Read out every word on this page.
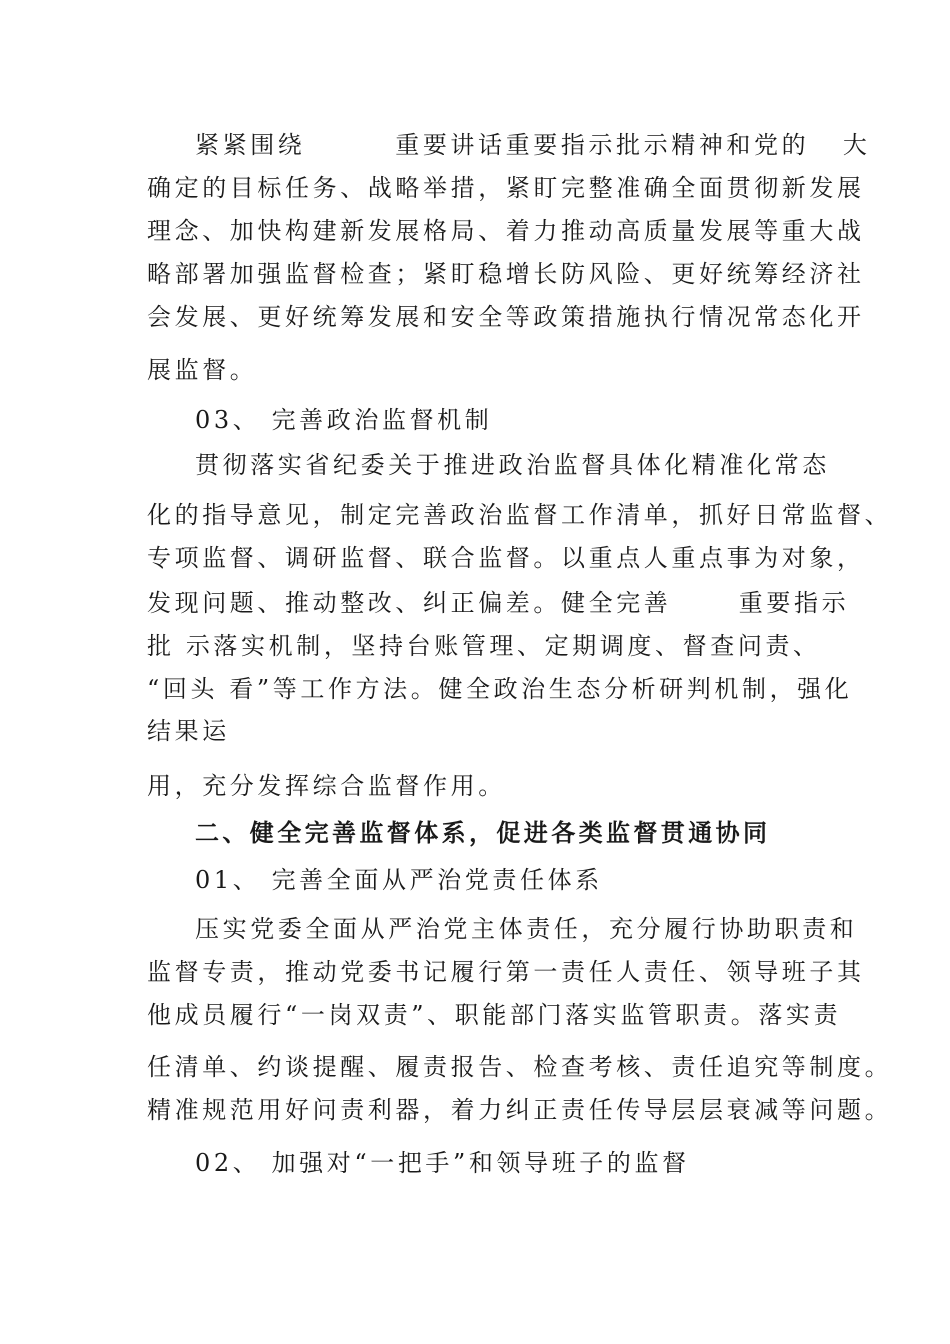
紧紧围绕        重要讲话重要指示批示精神和党的   大
确定的目标任务、战略举措，紧盯完整准确全面贯彻新发展
理念、加快构建新发展格局、着力推动高质量发展等重大战
略部署加强监督检查；紧盯稳增长防风险、更好统筹经济社
会发展、更好统筹发展和安全等政策措施执行情况常态化开
展监督。
03、 完善政治监督机制
贯彻落实省纪委关于推进政治监督具体化精准化常态
化的指导意见，制定完善政治监督工作清单，抓好日常监督、
专项监督、调研监督、联合监督。以重点人重点事为对象，
发现问题、推动整改、纠正偏差。健全完善      重要指示
批 示落实机制，坚持台账管理、定期调度、督查问责、
“回头 看”等工作方法。健全政治生态分析研判机制，强化
结果运
用，充分发挥综合监督作用。
二、健全完善监督体系，促进各类监督贯通协同
01、 完善全面从严治党责任体系
压实党委全面从严治党主体责任，充分履行协助职责和
监督专责，推动党委书记履行第一责任人责任、领导班子其
他成员履行“一岗双责”、职能部门落实监管职责。落实责
任清单、约谈提醒、履责报告、检查考核、责任追究等制度。
精准规范用好问责利器，着力纠正责任传导层层衰减等问题。
02、 加强对“一把手”和领导班子的监督
